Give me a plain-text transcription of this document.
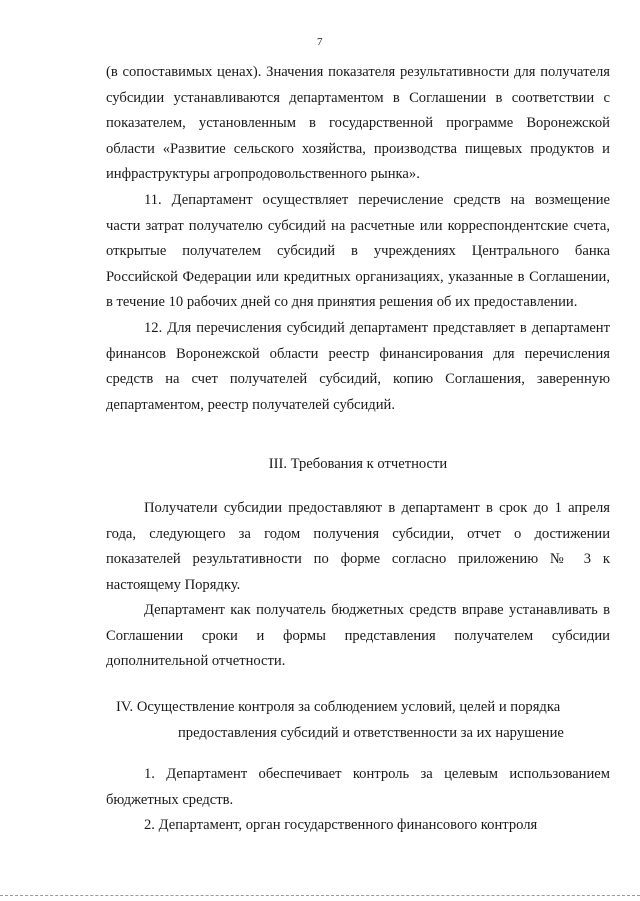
7

(в сопоставимых ценах). Значения показателя результативности для получателя субсидии устанавливаются департаментом в Соглашении в соответствии с показателем, установленным в государственной программе Воронежской области «Развитие сельского хозяйства, производства пищевых продуктов и инфраструктуры агропродовольственного рынка».

11. Департамент осуществляет перечисление средств на возмещение части затрат получателю субсидий на расчетные или корреспондентские счета, открытые получателем субсидий в учреждениях Центрального банка Российской Федерации или кредитных организациях, указанные в Соглашении, в течение 10 рабочих дней со дня принятия решения об их предоставлении.

12. Для перечисления субсидий департамент представляет в департамент финансов Воронежской области реестр финансирования для перечисления средств на счет получателей субсидий, копию Соглашения, заверенную департаментом, реестр получателей субсидий.

III. Требования к отчетности

Получатели субсидии предоставляют в департамент в срок до 1 апреля года, следующего за годом получения субсидии, отчет о достижении показателей результативности по форме согласно приложению № 3 к настоящему Порядку.

Департамент как получатель бюджетных средств вправе устанавливать в Соглашении сроки и формы представления получателем субсидии дополнительной отчетности.

IV. Осуществление контроля за соблюдением условий, целей и порядка
предоставления субсидий и ответственности за их нарушение

1. Департамент обеспечивает контроль за целевым использованием бюджетных средств.

2. Департамент, орган государственного финансового контроля
